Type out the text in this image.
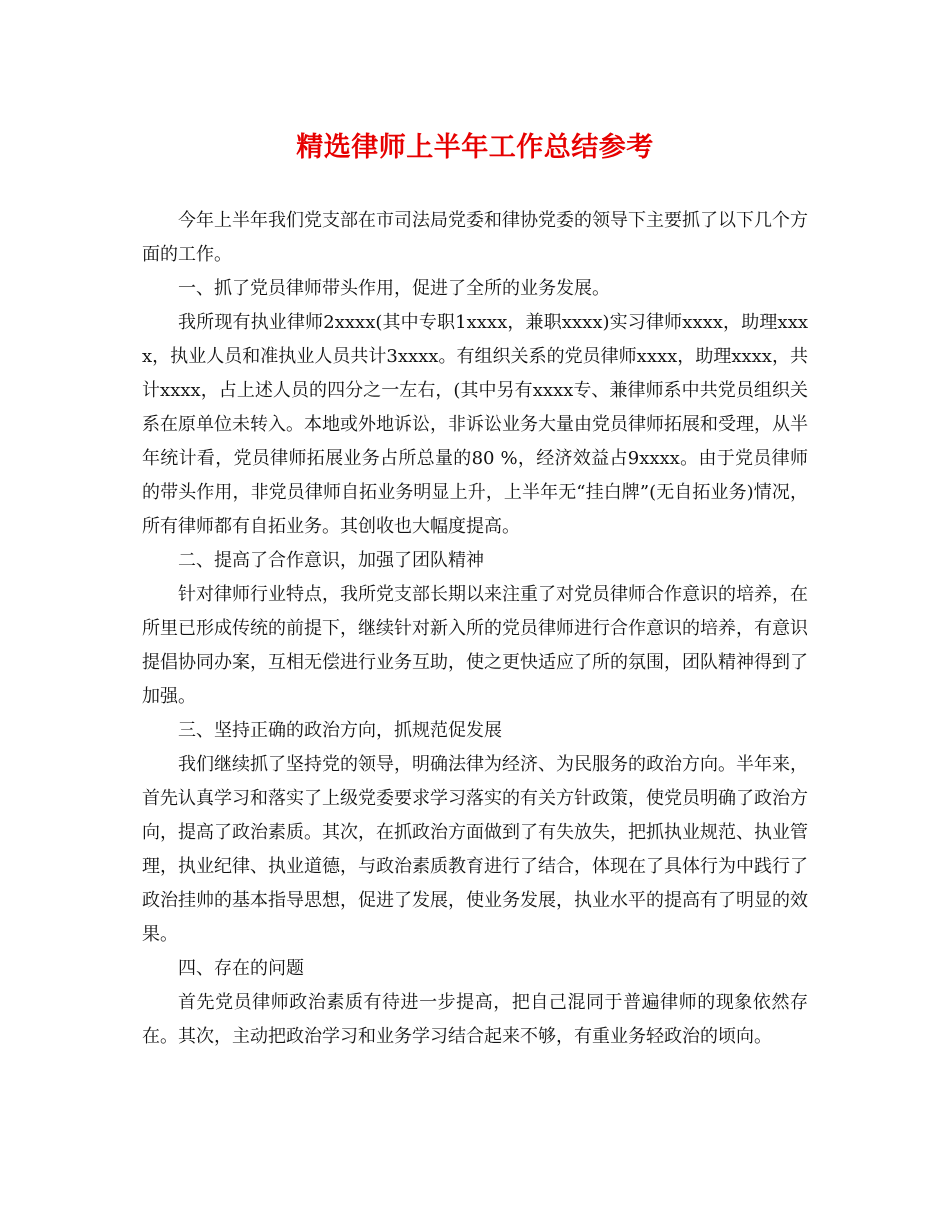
精选律师上半年工作总结参考

今年上半年我们党支部在市司法局党委和律协党委的领导下主要抓了以下几个方面的工作。

一、抓了党员律师带头作用，促进了全所的业务发展。

我所现有执业律师2xxxx(其中专职1xxxx，兼职xxxx)实习律师xxxx，助理xxxx，执业人员和准执业人员共计3xxxx。有组织关系的党员律师xxxx，助理xxxx，共计xxxx，占上述人员的四分之一左右，(其中另有xxxx专、兼律师系中共党员组织关系在原单位未转入。本地或外地诉讼，非诉讼业务大量由党员律师拓展和受理，从半年统计看，党员律师拓展业务占所总量的80 %，经济效益占9xxxx。由于党员律师的带头作用，非党员律师自拓业务明显上升，上半年无“挂白牌”(无自拓业务)情况，所有律师都有自拓业务。其创收也大幅度提高。

二、提高了合作意识，加强了团队精神

针对律师行业特点，我所党支部长期以来注重了对党员律师合作意识的培养，在所里已形成传统的前提下，继续针对新入所的党员律师进行合作意识的培养，有意识提倡协同办案，互相无偿进行业务互助，使之更快适应了所的氛围，团队精神得到了加强。

三、坚持正确的政治方向，抓规范促发展

我们继续抓了坚持党的领导，明确法律为经济、为民服务的政治方向。半年来，首先认真学习和落实了上级党委要求学习落实的有关方针政策，使党员明确了政治方向，提高了政治素质。其次，在抓政治方面做到了有失放失，把抓执业规范、执业管理，执业纪律、执业道德，与政治素质教育进行了结合，体现在了具体行为中践行了政治挂帅的基本指导思想，促进了发展，使业务发展，执业水平的提高有了明显的效果。

四、存在的问题

首先党员律师政治素质有待进一步提高，把自己混同于普遍律师的现象依然存在。其次，主动把政治学习和业务学习结合起来不够，有重业务轻政治的顷向。
